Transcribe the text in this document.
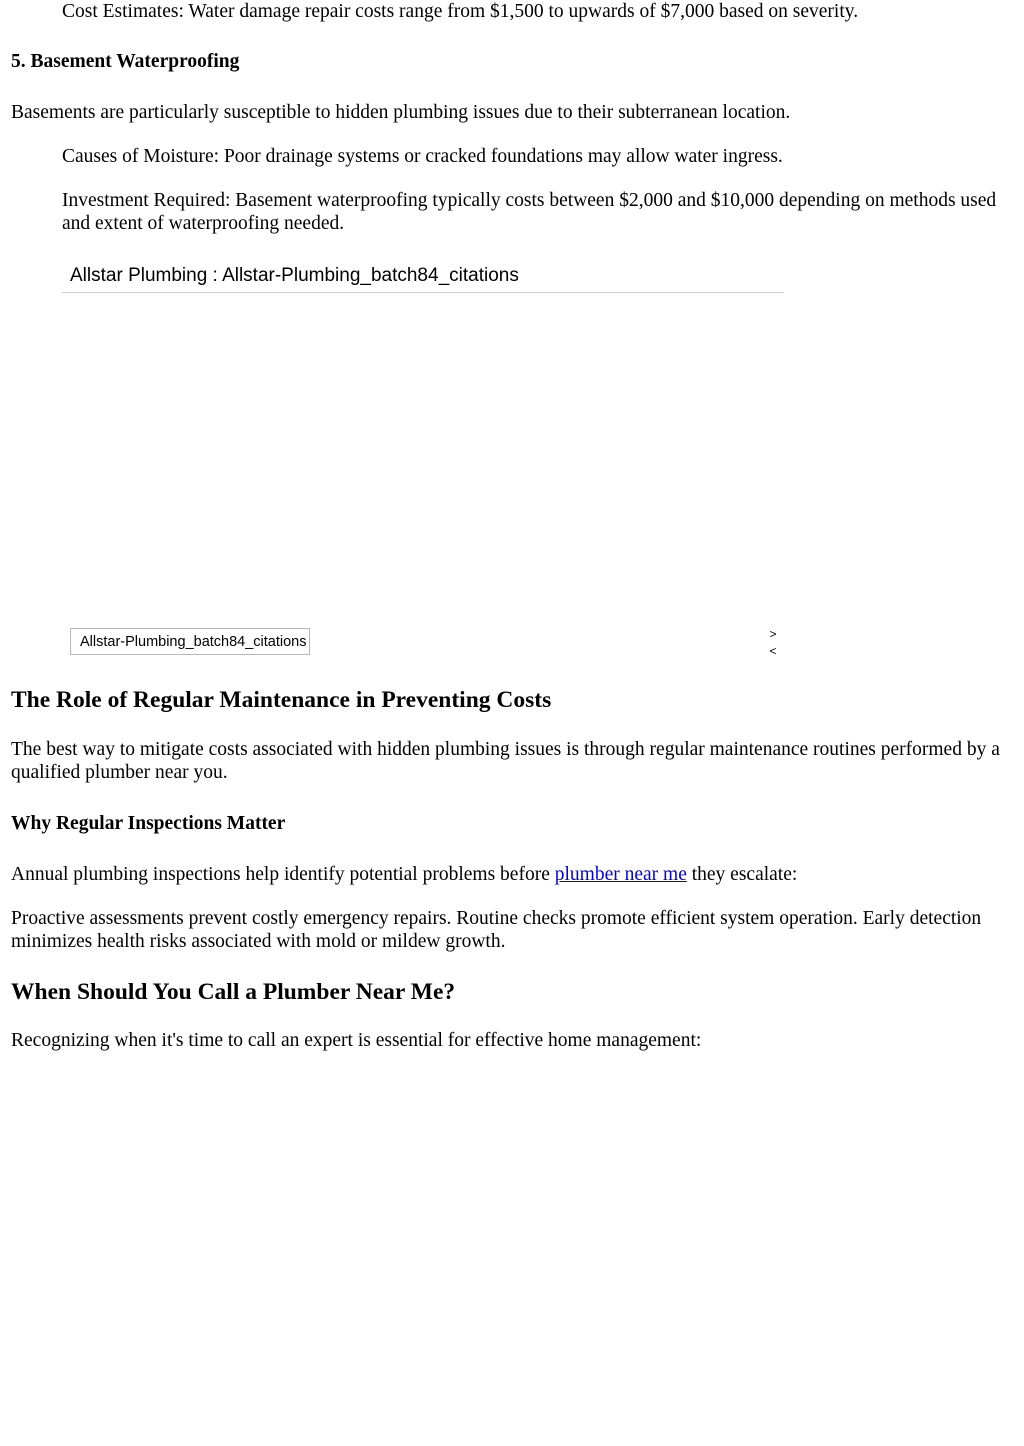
Cost Estimates: Water damage repair costs range from $1,500 to upwards of $7,000 based on severity.

5. Basement Waterproofing

Basements are particularly susceptible to hidden plumbing issues due to their subterranean location.

Causes of Moisture: Poor drainage systems or cracked foundations may allow water ingress.

Investment Required: Basement waterproofing typically costs between $2,000 and $10,000 depending on methods used and extent of waterproofing needed.

Allstar Plumbing : Allstar-Plumbing_batch84_citations
Allstar-Plumbing_batch84_citations	>
<
The Role of Regular Maintenance in Preventing Costs

The best way to mitigate costs associated with hidden plumbing issues is through regular maintenance routines performed by a qualified plumber near you.

Why Regular Inspections Matter

Annual plumbing inspections help identify potential problems before plumber near me they escalate:

Proactive assessments prevent costly emergency repairs. Routine checks promote efficient system operation. Early detection minimizes health risks associated with mold or mildew growth.

When Should You Call a Plumber Near Me?

Recognizing when it's time to call an expert is essential for effective home management:
